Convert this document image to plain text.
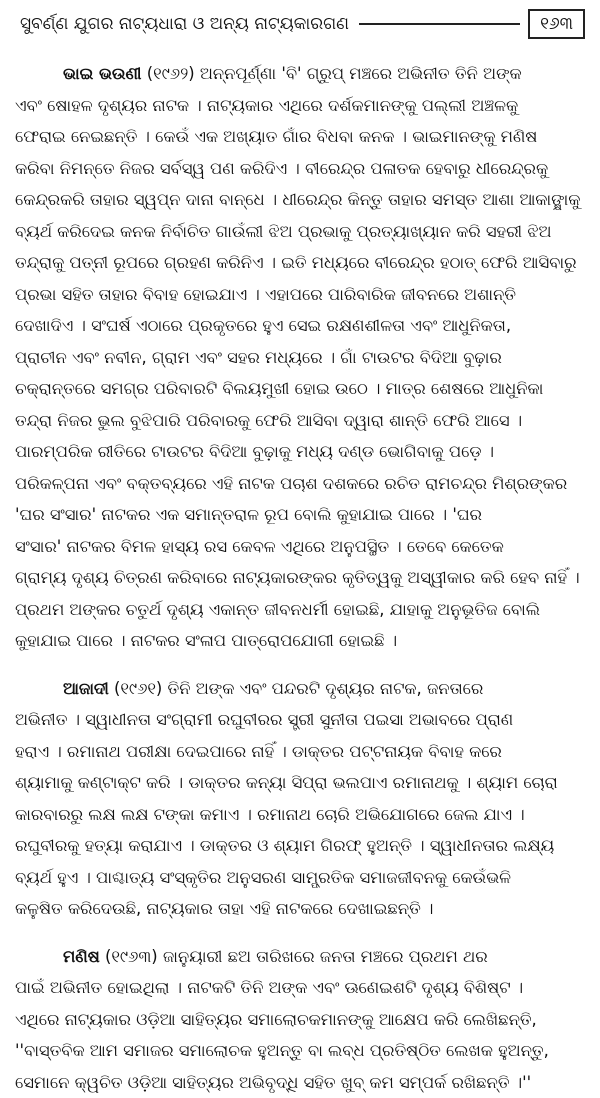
ସୁବର୍ଣ୍ଣ ଯୁଗର ନାଟ୍ୟଧାରା ଓ ଅନ୍ୟ ନାଟ୍ୟକାରଗଣ	୧୬୩
ଭାଇ ଭଉଣୀ (୧୯୬୨) ଅନ୍ନପୂର୍ଣ୍ଣା 'ବି' ଗ୍ରୁପ୍ ମଞ୍ଚରେ ଅଭିନୀତ ତିନି ଅଙ୍କ
ଏବଂ ଷୋହଳ ଦୃଶ୍ୟର ନାଟକ । ନାଟ୍ୟକାର ଏଥିରେ ଦର୍ଶକମାନଙ୍କୁ ପଲ୍ଲୀ ଅଞ୍ଚଳକୁ
ଫେରାଇ ନେଇଛନ୍ତି । କେଉଁ ଏକ ଅଖ୍ୟାତ ଗାଁର ବିଧବା କନକ । ଭାଇମାନଙ୍କୁ ମଣିଷ
କରିବା ନିମନ୍ତେ ନିଜର ସର୍ବସ୍ୱ ପଣ କରିଦିଏ । ବୀରେନ୍ଦ୍ର ପଳାତକ ହେବାରୁ ଧୀରେନ୍ଦ୍ରକୁ
କେନ୍ଦ୍ରକରି ତାହାର ସ୍ୱପ୍ନ ଦାନା ବାନ୍ଧେ । ଧୀରେନ୍ଦ୍ର କିନ୍ତୁ ତାହାର ସମସ୍ତ ଆଶା ଆକାଙ୍କ୍ଷାକୁ
ବ୍ୟର୍ଥ କରିଦେଇ କନକ ନିର୍ବାଚିତ ଗାଉଁଲୀ ଝିଅ ପ୍ରଭାକୁ ପ୍ରତ୍ୟାଖ୍ୟାନ କରି ସହରୀ ଝିଅ
ତନ୍ଦ୍ରାକୁ ପତ୍ନୀ ରୂପରେ ଗ୍ରହଣ କରିନିଏ । ଇତି ମଧ୍ୟରେ ବୀରେନ୍ଦ୍ର ହଠାତ୍ ଫେରି ଆସିବାରୁ
ପ୍ରଭା ସହିତ ତାହାର ବିବାହ ହୋଇଯାଏ । ଏହାପରେ ପାରିବାରିକ ଜୀବନରେ ଅଶାନ୍ତି
ଦେଖାଦିଏ । ସଂଘର୍ଷ ଏଠାରେ ପ୍ରକୃତରେ ହୁଏ ସେଇ ରକ୍ଷଣଶୀଳତା ଏବଂ ଆଧୁନିକତା,
ପ୍ରାଚୀନ ଏବଂ ନବୀନ, ଗ୍ରାମ ଏବଂ ସହର ମଧ୍ୟରେ । ଗାଁ ଟାଉଟର ବିଦିଆ ବୁଢ଼ାର
ଚକ୍ରାନ୍ତରେ ସମଗ୍ର ପରିବାରଟି ବିଲୟମୁଖୀ ହୋଇ ଉଠେ । ମାତ୍ର ଶେଷରେ ଆଧୁନିକା
ତନ୍ଦ୍ରା ନିଜର ଭୁଲ ବୁଝିପାରି ପରିବାରକୁ ଫେରି ଆସିବା ଦ୍ୱାରା ଶାନ୍ତି ଫେରି ଆସେ ।
ପାରମ୍ପରିକ ରୀତିରେ ଟାଉଟର ବିଦିଆ ବୁଢ଼ାକୁ ମଧ୍ୟ ଦଣ୍ଡ ଭୋଗିବାକୁ ପଡ଼େ ।
ପରିକଳ୍ପନା ଏବଂ ବକ୍ତବ୍ୟରେ ଏହି ନାଟକ ପଚାଶ ଦଶକରେ ରଚିତ ରାମଚନ୍ଦ୍ର ମିଶ୍ରଙ୍କର
'ଘର ସଂସାର' ନାଟକର ଏକ ସମାନ୍ତରାଳ ରୂପ ବୋଲି କୁହାଯାଇ ପାରେ । 'ଘର
ସଂସାର' ନାଟକର ବିମଳ ହାସ୍ୟ ରସ କେବଳ ଏଥିରେ ଅନୁପସ୍ଥିତ । ତେବେ କେତେକ
ଗ୍ରାମ୍ୟ ଦୃଶ୍ୟ ଚିତ୍ରଣ କରିବାରେ ନାଟ୍ୟକାରଙ୍କର କୃତିତ୍ୱକୁ ଅସ୍ୱୀକାର କରି ହେବ ନାହିଁ ।
ପ୍ରଥମ ଅଙ୍କର ଚତୁର୍ଥ ଦୃଶ୍ୟ ଏକାନ୍ତ ଜୀବନଧର୍ମୀ ହୋଇଛି, ଯାହାକୁ ଅନୁଭୂତିଜ ବୋଲି
କୁହାଯାଇ ପାରେ । ନାଟକର ସଂଳାପ ପାତ୍ରୋପଯୋଗୀ ହୋଇଛି ।
ଆଜାଦୀ (୧୯୬୧) ତିନି ଅଙ୍କ ଏବଂ ପନ୍ଦରଟି ଦୃଶ୍ୟର ନାଟକ, ଜନତାରେ
ଅଭିନୀତ । ସ୍ୱାଧୀନତା ସଂଗ୍ରାମୀ ରଘୁବୀରର ସ୍ତ୍ରୀ ସୁନୀତା ପଇସା ଅଭାବରେ ପ୍ରାଣ
ହରାଏ । ରମାନାଥ ପରୀକ୍ଷା ଦେଇପାରେ ନାହିଁ । ଡାକ୍ତର ପଟ୍ଟନାୟକ ବିବାହ କରେ
ଶ୍ୟାମାକୁ କଣ୍ଟାକ୍ଟ କରି । ଡାକ୍ତର କନ୍ୟା ସିପ୍ରା ଭଲପାଏ ରମାନାଥକୁ । ଶ୍ୟାମ ଚୋରା
କାରବାରରୁ ଲକ୍ଷ ଲକ୍ଷ ଟଙ୍କା କମାଏ । ରମାନାଥ ଚୋରି ଅଭିଯୋଗରେ ଜେଲ ଯାଏ ।
ରଘୁବୀରକୁ ହତ୍ୟା କରାଯାଏ । ଡାକ୍ତର ଓ ଶ୍ୟାମ ଗିରଫ୍ ହୁଅନ୍ତି । ସ୍ୱାଧୀନତାର ଲକ୍ଷ୍ୟ
ବ୍ୟର୍ଥ ହୁଏ । ପାଶ୍ଚାତ୍ୟ ସଂସ୍କୃତିର ଅନୁସରଣ ସାମ୍ପ୍ରତିକ ସମାଜଜୀବନକୁ କେଉଁଭଳି
କଳୁଷିତ କରିଦେଉଛି, ନାଟ୍ୟକାର ତାହା ଏହି ନାଟକରେ ଦେଖାଇଛନ୍ତି ।
ମଣିଷ (୧୯୬୩) ଜାନୁୟାରୀ ଛଅ ତାରିଖରେ ଜନତା ମଞ୍ଚରେ ପ୍ରଥମ ଥର
ପାଇଁ ଅଭିନୀତ ହୋଇଥିଲା । ନାଟକଟି ତିନି ଅଙ୍କ ଏବଂ ଊଣେଇଶଟି ଦୃଶ୍ୟ ବିଶିଷ୍ଟ ।
ଏଥିରେ ନାଟ୍ୟକାର ଓଡ଼ିଆ ସାହିତ୍ୟର ସମାଲୋଚକମାନଙ୍କୁ ଆକ୍ଷେପ କରି ଲେଖିଛନ୍ତି,
''ବାସ୍ତବିକ ଆମ ସମାଜର ସମାଲୋଚକ ହୁଅନ୍ତୁ ବା ଲବ୍ଧ ପ୍ରତିଷ୍ଠିତ ଲେଖକ ହୁଅନ୍ତୁ,
ସେମାନେ କ୍ୱଚିତ ଓଡ଼ିଆ ସାହିତ୍ୟର ଅଭିବୃଦ୍ଧି ସହିତ ଖୁବ୍ କମ ସମ୍ପର୍କ ରଖିଛନ୍ତି ।''
